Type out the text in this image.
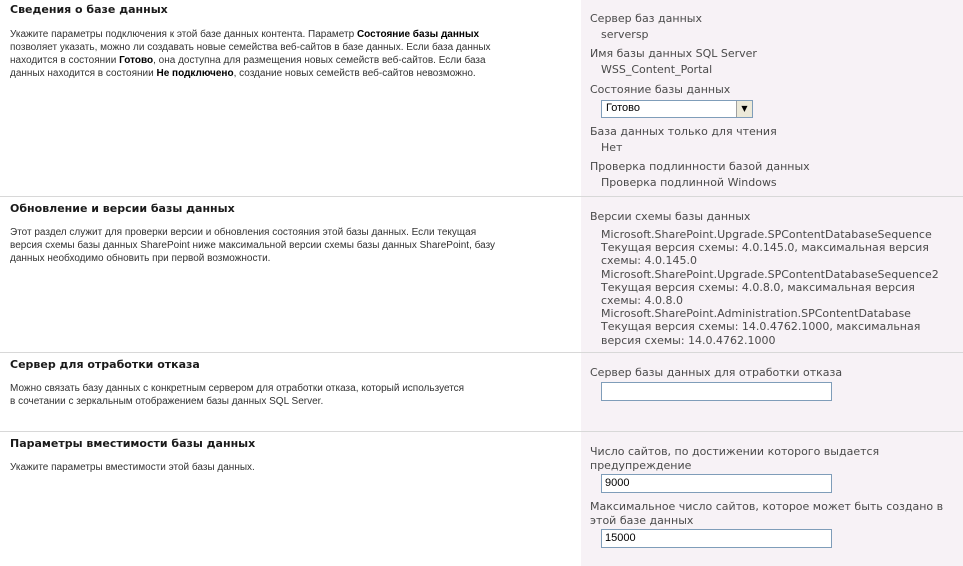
Сведения о базе данных
Укажите параметры подключения к этой базе данных контента. Параметр Состояние базы данных позволяет указать, можно ли создавать новые семейства веб-сайтов в базе данных. Если база данных находится в состоянии Готово, она доступна для размещения новых семейств веб-сайтов. Если база данных находится в состоянии Не подключено, создание новых семейств веб-сайтов невозможно.
Сервер баз данных
serversp
Имя базы данных SQL Server
WSS_Content_Portal
Состояние базы данных
Готово	▼
База данных только для чтения
Нет
Проверка подлинности базой данных
Проверка подлинной Windows
Обновление и версии базы данных
Этот раздел служит для проверки версии и обновления состояния этой базы данных. Если текущая версия схемы базы данных SharePoint ниже максимальной версии схемы базы данных SharePoint, базу данных необходимо обновить при первой возможности.
Версии схемы базы данных
Microsoft.SharePoint.Upgrade.SPContentDatabaseSequence
Текущая версия схемы: 4.0.145.0, максимальная версия схемы: 4.0.145.0
Microsoft.SharePoint.Upgrade.SPContentDatabaseSequence2
Текущая версия схемы: 4.0.8.0, максимальная версия схемы: 4.0.8.0
Microsoft.SharePoint.Administration.SPContentDatabase
Текущая версия схемы: 14.0.4762.1000, максимальная версия схемы: 14.0.4762.1000
Сервер для отработки отказа
Можно связать базу данных с конкретным сервером для отработки отказа, который используется в сочетании с зеркальным отображением базы данных SQL Server.
Сервер базы данных для отработки отказа
Параметры вместимости базы данных
Укажите параметры вместимости этой базы данных.
Число сайтов, по достижении которого выдается предупреждение
9000
Максимальное число сайтов, которое может быть создано в этой базе данных
15000
